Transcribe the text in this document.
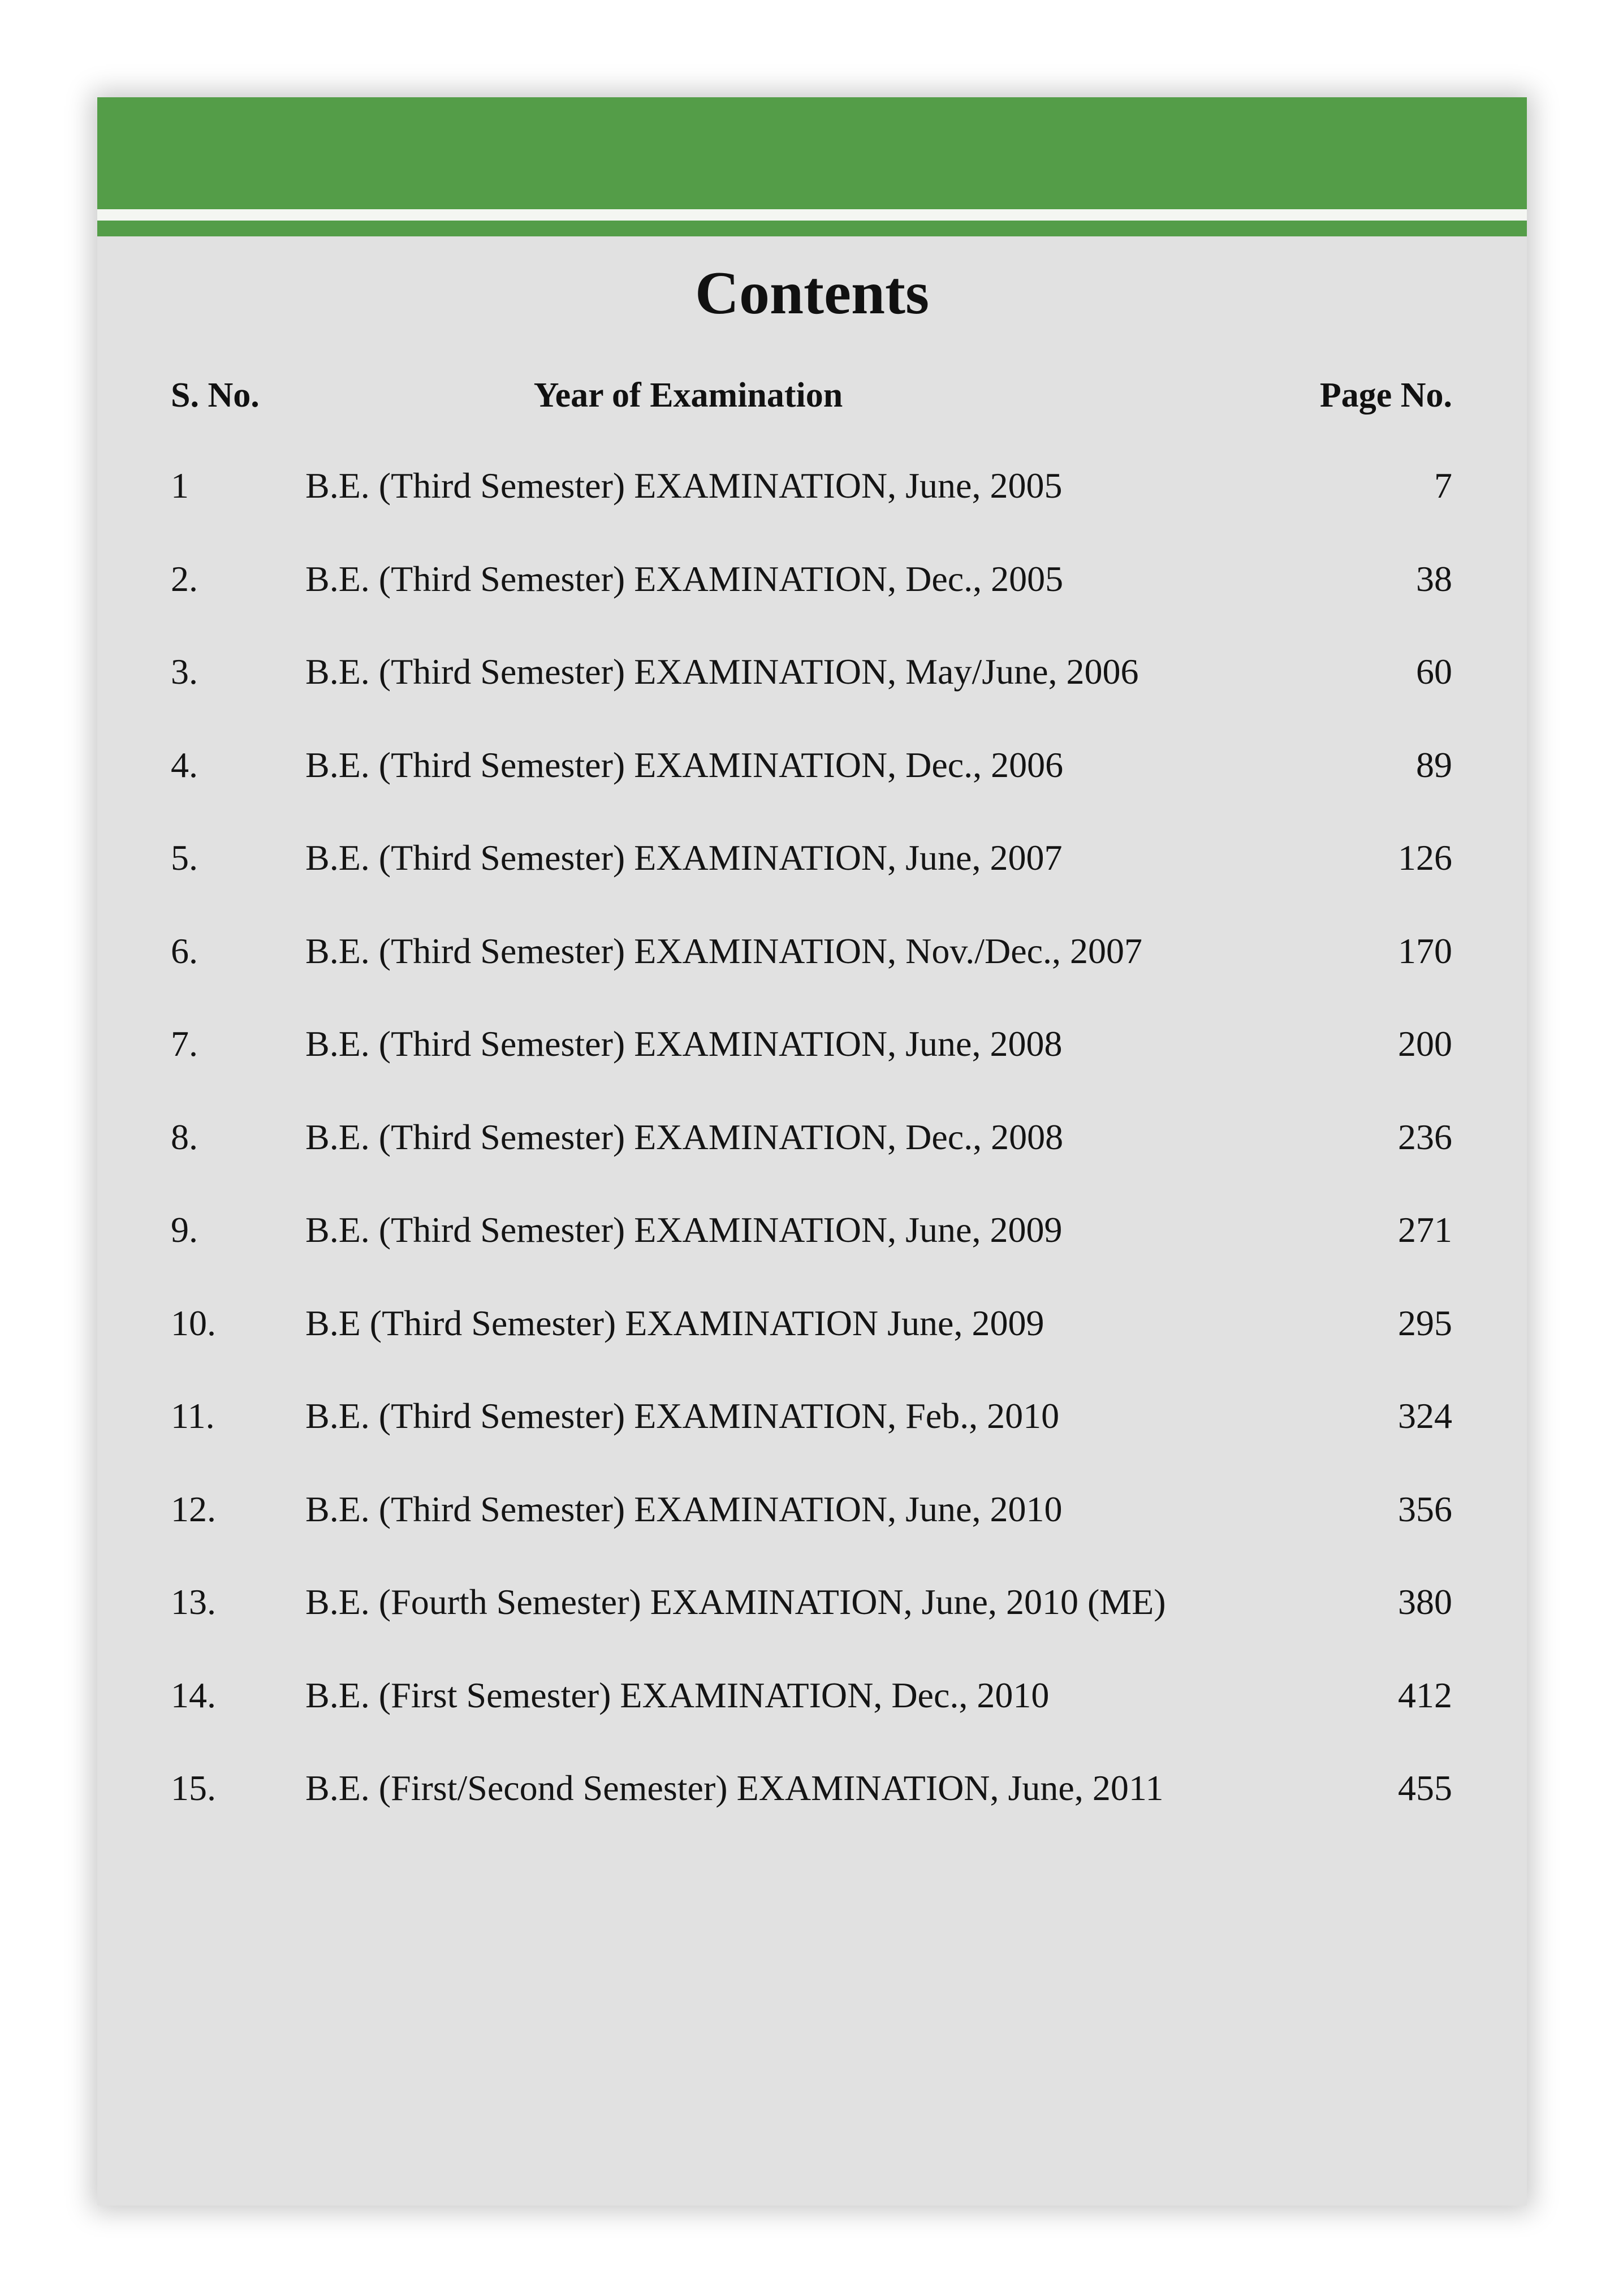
Contents
S. No.	Year of Examination	Page No.
1	B.E. (Third Semester) EXAMINATION, June, 2005	7
2.	B.E. (Third Semester) EXAMINATION, Dec., 2005	38
3.	B.E. (Third Semester) EXAMINATION, May/June, 2006	60
4.	B.E. (Third Semester) EXAMINATION, Dec., 2006	89
5.	B.E. (Third Semester) EXAMINATION, June, 2007	126
6.	B.E. (Third Semester) EXAMINATION, Nov./Dec., 2007	170
7.	B.E. (Third Semester) EXAMINATION, June, 2008	200
8.	B.E. (Third Semester) EXAMINATION, Dec., 2008	236
9.	B.E. (Third Semester) EXAMINATION, June, 2009	271
10. B.E (Third Semester) EXAMINATION June, 2009	295
11.	B.E. (Third Semester) EXAMINATION, Feb., 2010	324
12. B.E. (Third Semester) EXAMINATION, June, 2010	356
13. B.E. (Fourth Semester) EXAMINATION, June, 2010 (ME)	380
14. B.E. (First Semester) EXAMINATION, Dec., 2010	412
15. B.E. (First/Second Semester) EXAMINATION, June, 2011	455
